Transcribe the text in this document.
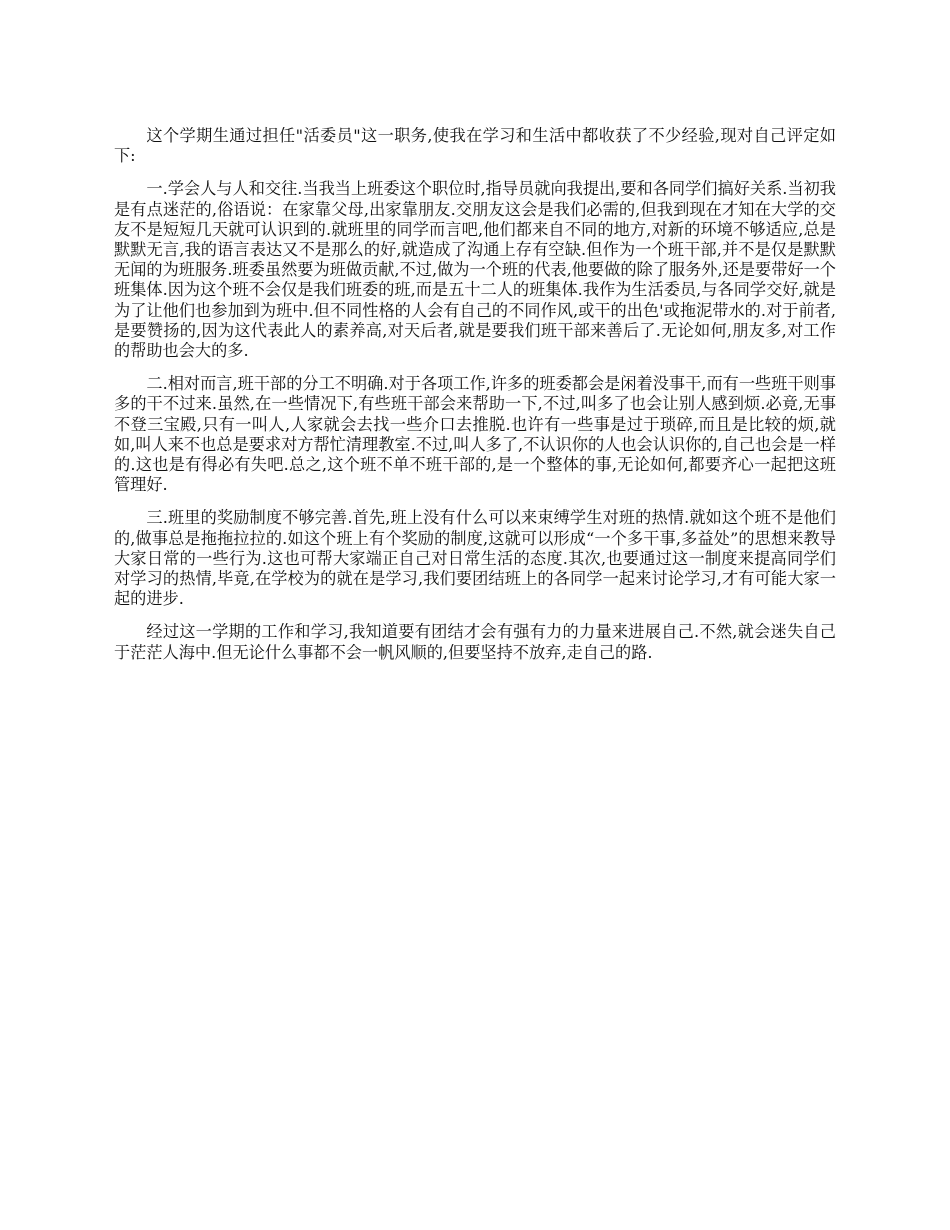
这个学期生通过担任"活委员"这一职务,使我在学习和生活中都收获了不少经验,现对自己评定如下:

一.学会人与人和交往.当我当上班委这个职位时,指导员就向我提出,要和各同学们搞好关系.当初我是有点迷茫的,俗语说：在家靠父母,出家靠朋友.交朋友这会是我们必需的,但我到现在才知在大学的交友不是短短几天就可认识到的.就班里的同学而言吧,他们都来自不同的地方,对新的环境不够适应,总是默默无言,我的语言表达又不是那么的好,就造成了沟通上存有空缺.但作为一个班干部,并不是仅是默默无闻的为班服务.班委虽然要为班做贡献,不过,做为一个班的代表,他要做的除了服务外,还是要带好一个班集体.因为这个班不会仅是我们班委的班,而是五十二人的班集体.我作为生活委员,与各同学交好,就是为了让他们也参加到为班中.但不同性格的人会有自己的不同作风,或干的出色'或拖泥带水的.对于前者,是要赞扬的,因为这代表此人的素养高,对天后者,就是要我们班干部来善后了.无论如何,朋友多,对工作的帮助也会大的多.

二.相对而言,班干部的分工不明确.对于各项工作,许多的班委都会是闲着没事干,而有一些班干则事多的干不过来.虽然,在一些情况下,有些班干部会来帮助一下,不过,叫多了也会让别人感到烦.必竟,无事不登三宝殿,只有一叫人,人家就会去找一些介口去推脱.也许有一些事是过于琐碎,而且是比较的烦,就如,叫人来不也总是要求对方帮忙清理教室.不过,叫人多了,不认识你的人也会认识你的,自己也会是一样的.这也是有得必有失吧.总之,这个班不单不班干部的,是一个整体的事,无论如何,都要齐心一起把这班管理好.

三.班里的奖励制度不够完善.首先,班上没有什么可以来束缚学生对班的热情.就如这个班不是他们的,做事总是拖拖拉拉的.如这个班上有个奖励的制度,这就可以形成“一个多干事,多益处”的思想来教导大家日常的一些行为.这也可帮大家端正自己对日常生活的态度.其次,也要通过这一制度来提高同学们对学习的热情,毕竟,在学校为的就在是学习,我们要团结班上的各同学一起来讨论学习,才有可能大家一起的进步.

经过这一学期的工作和学习,我知道要有团结才会有强有力的力量来进展自己.不然,就会迷失自己于茫茫人海中.但无论什么事都不会一帆风顺的,但要坚持不放弃,走自己的路.
